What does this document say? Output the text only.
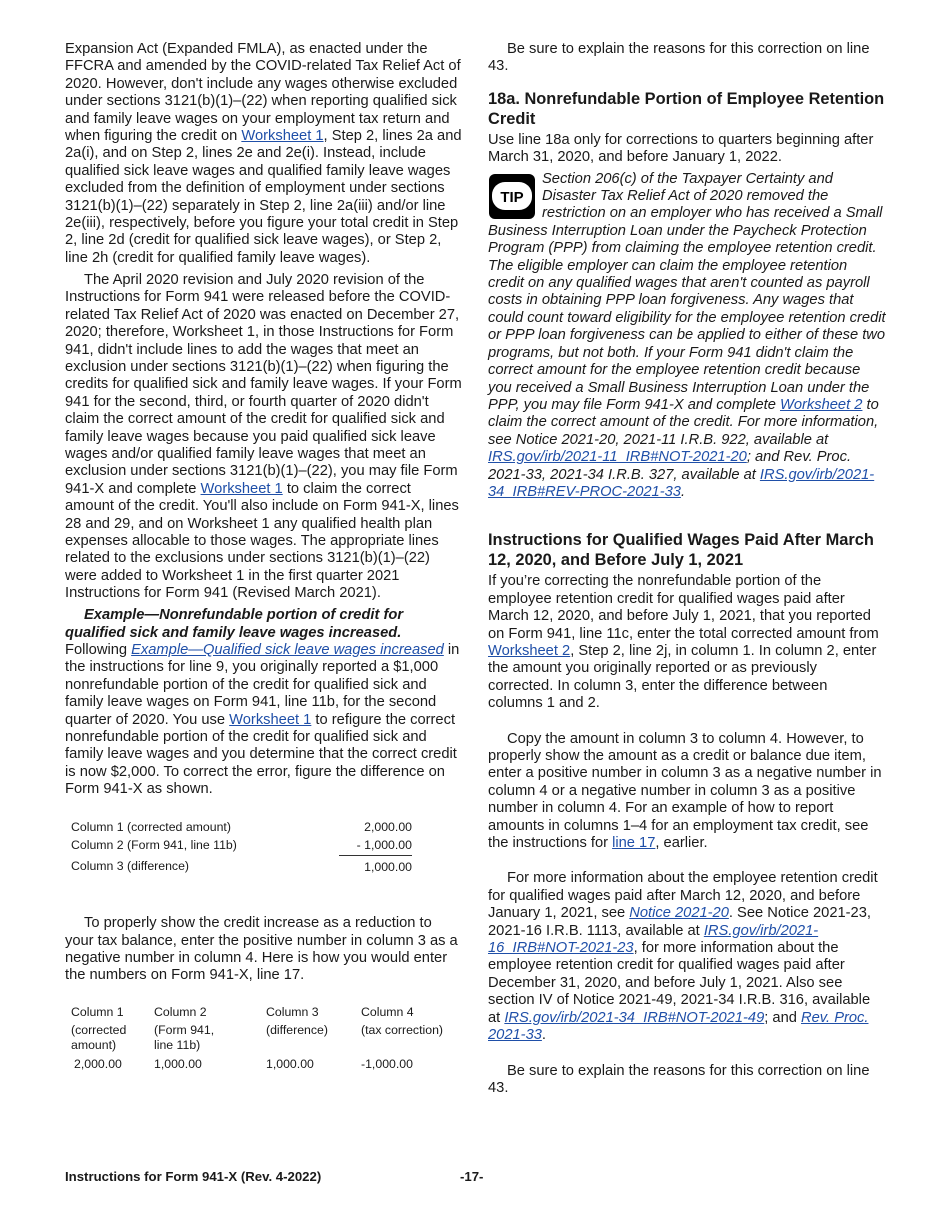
Expansion Act (Expanded FMLA), as enacted under the FFCRA and amended by the COVID-related Tax Relief Act of 2020. However, don't include any wages otherwise excluded under sections 3121(b)(1)–(22) when reporting qualified sick and family leave wages on your employment tax return and when figuring the credit on Worksheet 1, Step 2, lines 2a and 2a(i), and on Step 2, lines 2e and 2e(i). Instead, include qualified sick leave wages and qualified family leave wages excluded from the definition of employment under sections 3121(b)(1)–(22) separately in Step 2, line 2a(iii) and/or line 2e(iii), respectively, before you figure your total credit in Step 2, line 2d (credit for qualified sick leave wages), or Step 2, line 2h (credit for qualified family leave wages).

The April 2020 revision and July 2020 revision of the Instructions for Form 941 were released before the COVID-related Tax Relief Act of 2020 was enacted on December 27, 2020; therefore, Worksheet 1, in those Instructions for Form 941, didn't include lines to add the wages that meet an exclusion under sections 3121(b)(1)–(22) when figuring the credits for qualified sick and family leave wages. If your Form 941 for the second, third, or fourth quarter of 2020 didn't claim the correct amount of the credit for qualified sick and family leave wages because you paid qualified sick leave wages and/or qualified family leave wages that meet an exclusion under sections 3121(b)(1)–(22), you may file Form 941-X and complete Worksheet 1 to claim the correct amount of the credit. You'll also include on Form 941-X, lines 28 and 29, and on Worksheet 1 any qualified health plan expenses allocable to those wages. The appropriate lines related to the exclusions under sections 3121(b)(1)–(22) were added to Worksheet 1 in the first quarter 2021 Instructions for Form 941 (Revised March 2021).

Example—Nonrefundable portion of credit for qualified sick and family leave wages increased. Following Example—Qualified sick leave wages increased in the instructions for line 9, you originally reported a $1,000 nonrefundable portion of the credit for qualified sick and family leave wages on Form 941, line 11b, for the second quarter of 2020. You use Worksheet 1 to refigure the correct nonrefundable portion of the credit for qualified sick and family leave wages and you determine that the correct credit is now $2,000. To correct the error, figure the difference on Form 941-X as shown.

Column 1 (corrected amount)	2,000.00
Column 2 (Form 941, line 11b)	- 1,000.00
Column 3 (difference)	1,000.00

To properly show the credit increase as a reduction to your tax balance, enter the positive number in column 3 as a negative number in column 4. Here is how you would enter the numbers on Form 941-X, line 17.

Column 1	Column 2	Column 3	Column 4
(corrected	(Form 941,	(difference)	(tax correction)
amount)	line 11b)		
2,000.00	1,000.00	1,000.00	-1,000.00

Be sure to explain the reasons for this correction on line 43.

18a. Nonrefundable Portion of Employee Retention Credit

Use line 18a only for corrections to quarters beginning after March 31, 2020, and before January 1, 2022.

TIP

Section 206(c) of the Taxpayer Certainty and Disaster Tax Relief Act of 2020 removed the restriction on an employer who has received a Small Business Interruption Loan under the Paycheck Protection Program (PPP) from claiming the employee retention credit. The eligible employer can claim the employee retention credit on any qualified wages that aren't counted as payroll costs in obtaining PPP loan forgiveness. Any wages that could count toward eligibility for the employee retention credit or PPP loan forgiveness can be applied to either of these two programs, but not both. If your Form 941 didn't claim the correct amount for the employee retention credit because you received a Small Business Interruption Loan under the PPP, you may file Form 941-X and complete Worksheet 2 to claim the correct amount of the credit. For more information, see Notice 2021-20, 2021-11 I.R.B. 922, available at IRS.gov/irb/2021-11_IRB#NOT-2021-20; and Rev. Proc. 2021-33, 2021-34 I.R.B. 327, available at IRS.gov/irb/2021-34_IRB#REV-PROC-2021-33.

Instructions for Qualified Wages Paid After March 12, 2020, and Before July 1, 2021

If you’re correcting the nonrefundable portion of the employee retention credit for qualified wages paid after March 12, 2020, and before July 1, 2021, that you reported on Form 941, line 11c, enter the total corrected amount from Worksheet 2, Step 2, line 2j, in column 1. In column 2, enter the amount you originally reported or as previously corrected. In column 3, enter the difference between columns 1 and 2.

Copy the amount in column 3 to column 4. However, to properly show the amount as a credit or balance due item, enter a positive number in column 3 as a negative number in column 4 or a negative number in column 3 as a positive number in column 4. For an example of how to report amounts in columns 1–4 for an employment tax credit, see the instructions for line 17, earlier.

For more information about the employee retention credit for qualified wages paid after March 12, 2020, and before January 1, 2021, see Notice 2021-20. See Notice 2021-23, 2021-16 I.R.B. 1113, available at IRS.gov/irb/2021-16_IRB#NOT-2021-23, for more information about the employee retention credit for qualified wages paid after December 31, 2020, and before July 1, 2021. Also see section IV of Notice 2021-49, 2021-34 I.R.B. 316, available at IRS.gov/irb/2021-34_IRB#NOT-2021-49; and Rev. Proc. 2021-33.

Be sure to explain the reasons for this correction on line 43.

Instructions for Form 941-X (Rev. 4-2022)	-17-
